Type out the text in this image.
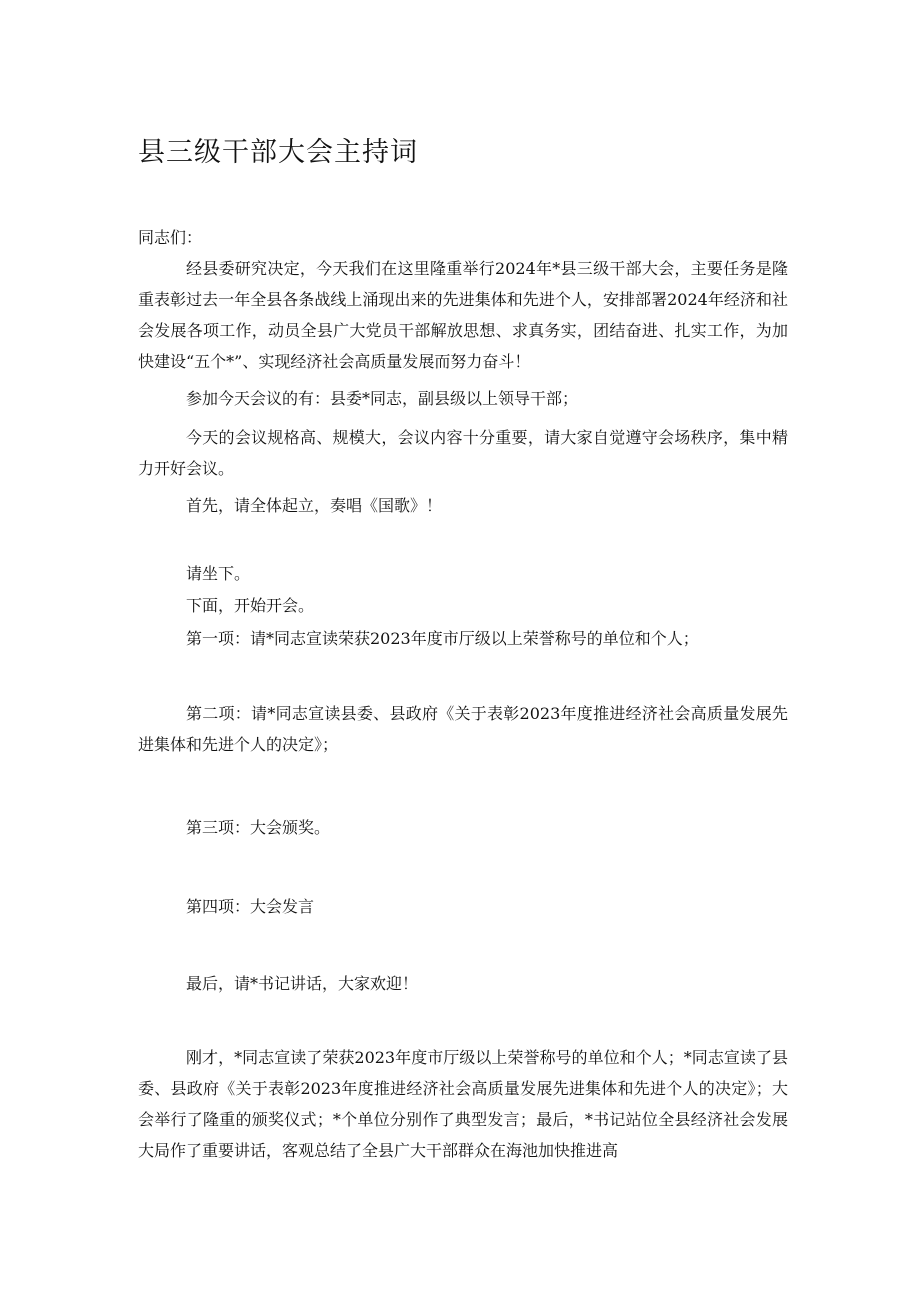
县三级干部大会主持词

同志们：

经县委研究决定，今天我们在这里隆重举行2024年*县三级干部大会，主要任务是隆重表彰过去一年全县各条战线上涌现出来的先进集体和先进个人，安排部署2024年经济和社会发展各项工作，动员全县广大党员干部解放思想、求真务实，团结奋进、扎实工作，为加快建设“五个*”、实现经济社会高质量发展而努力奋斗！

参加今天会议的有：县委*同志，副县级以上领导干部；

今天的会议规格高、规模大，会议内容十分重要，请大家自觉遵守会场秩序，集中精力开好会议。

首先，请全体起立，奏唱《国歌》！

请坐下。

下面，开始开会。

第一项：请*同志宣读荣获2023年度市厅级以上荣誉称号的单位和个人；

第二项：请*同志宣读县委、县政府《关于表彰2023年度推进经济社会高质量发展先进集体和先进个人的决定》；

第三项：大会颁奖。

第四项：大会发言

最后，请*书记讲话，大家欢迎！

刚才，*同志宣读了荣获2023年度市厅级以上荣誉称号的单位和个人；*同志宣读了县委、县政府《关于表彰2023年度推进经济社会高质量发展先进集体和先进个人的决定》；大会举行了隆重的颁奖仪式；*个单位分别作了典型发言；最后，*书记站位全县经济社会发展大局作了重要讲话，客观总结了全县广大干部群众在海池加快推进高
